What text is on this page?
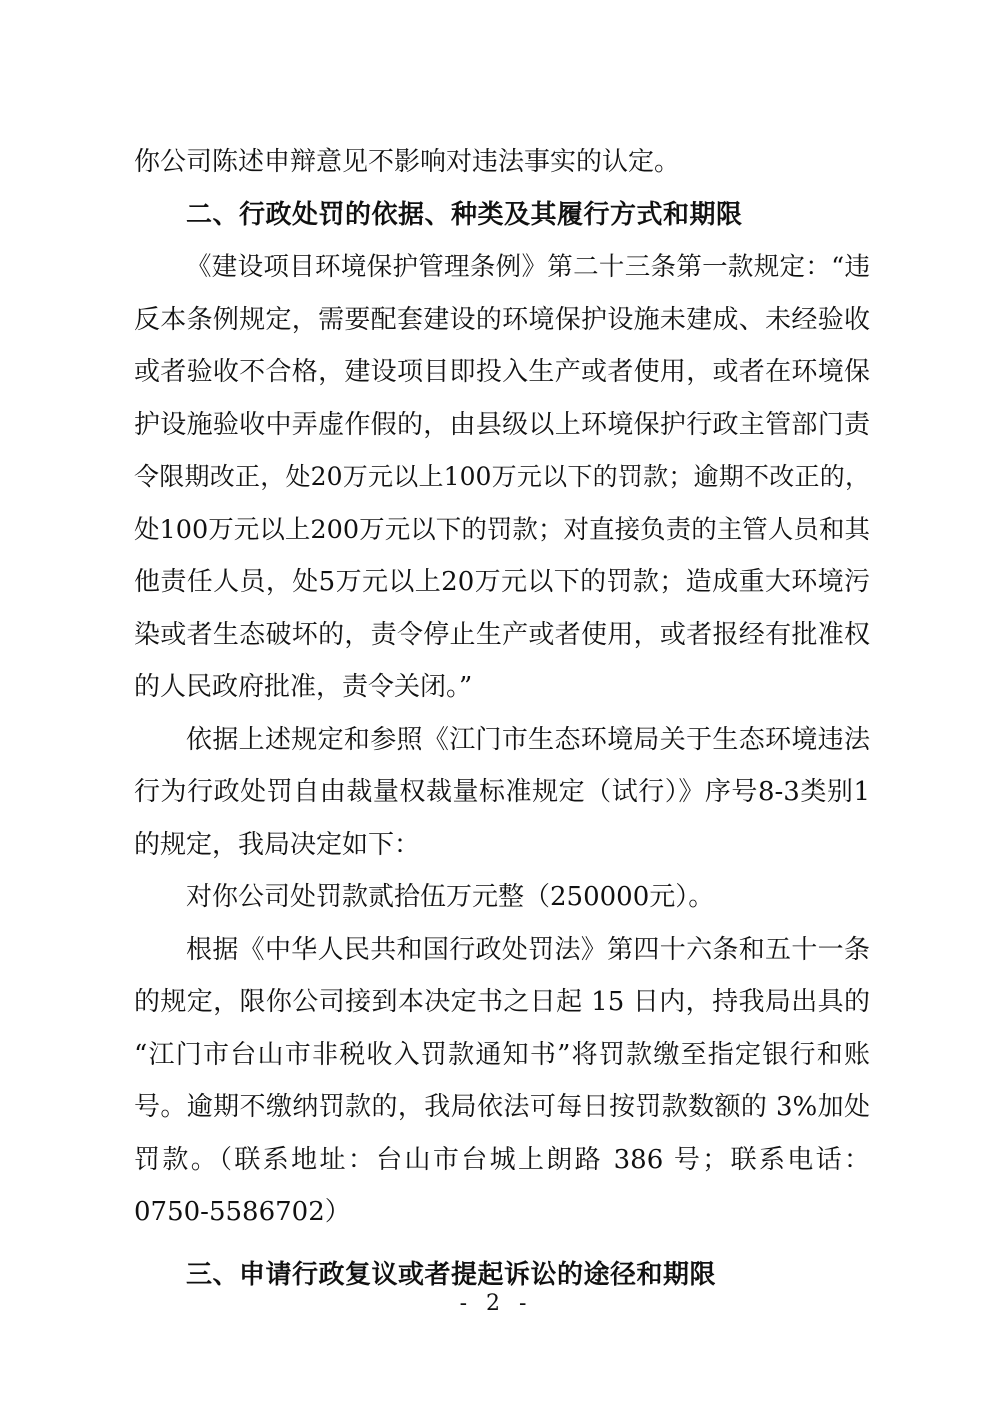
你公司陈述申辩意见不影响对违法事实的认定。
二、行政处罚的依据、种类及其履行方式和期限
《建设项目环境保护管理条例》第二十三条第一款规定：“违
反本条例规定，需要配套建设的环境保护设施未建成、未经验收
或者验收不合格，建设项目即投入生产或者使用，或者在环境保
护设施验收中弄虚作假的，由县级以上环境保护行政主管部门责
令限期改正，处20万元以上100万元以下的罚款；逾期不改正的，
处100万元以上200万元以下的罚款；对直接负责的主管人员和其
他责任人员，处5万元以上20万元以下的罚款；造成重大环境污
染或者生态破坏的，责令停止生产或者使用，或者报经有批准权
的人民政府批准，责令关闭。”
依据上述规定和参照《江门市生态环境局关于生态环境违法
行为行政处罚自由裁量权裁量标准规定（试行）》序号8-3类别1
的规定，我局决定如下：
对你公司处罚款贰拾伍万元整（250000元）。
根据《中华人民共和国行政处罚法》第四十六条和五十一条
的规定，限你公司接到本决定书之日起 15 日内，持我局出具的
“江门市台山市非税收入罚款通知书”将罚款缴至指定银行和账
号。逾期不缴纳罚款的，我局依法可每日按罚款数额的 3%加处
罚款。（联系地址：台山市台城上朗路 386 号；联系电话：
0750-5586702）
三、申请行政复议或者提起诉讼的途径和期限
- 2 -
